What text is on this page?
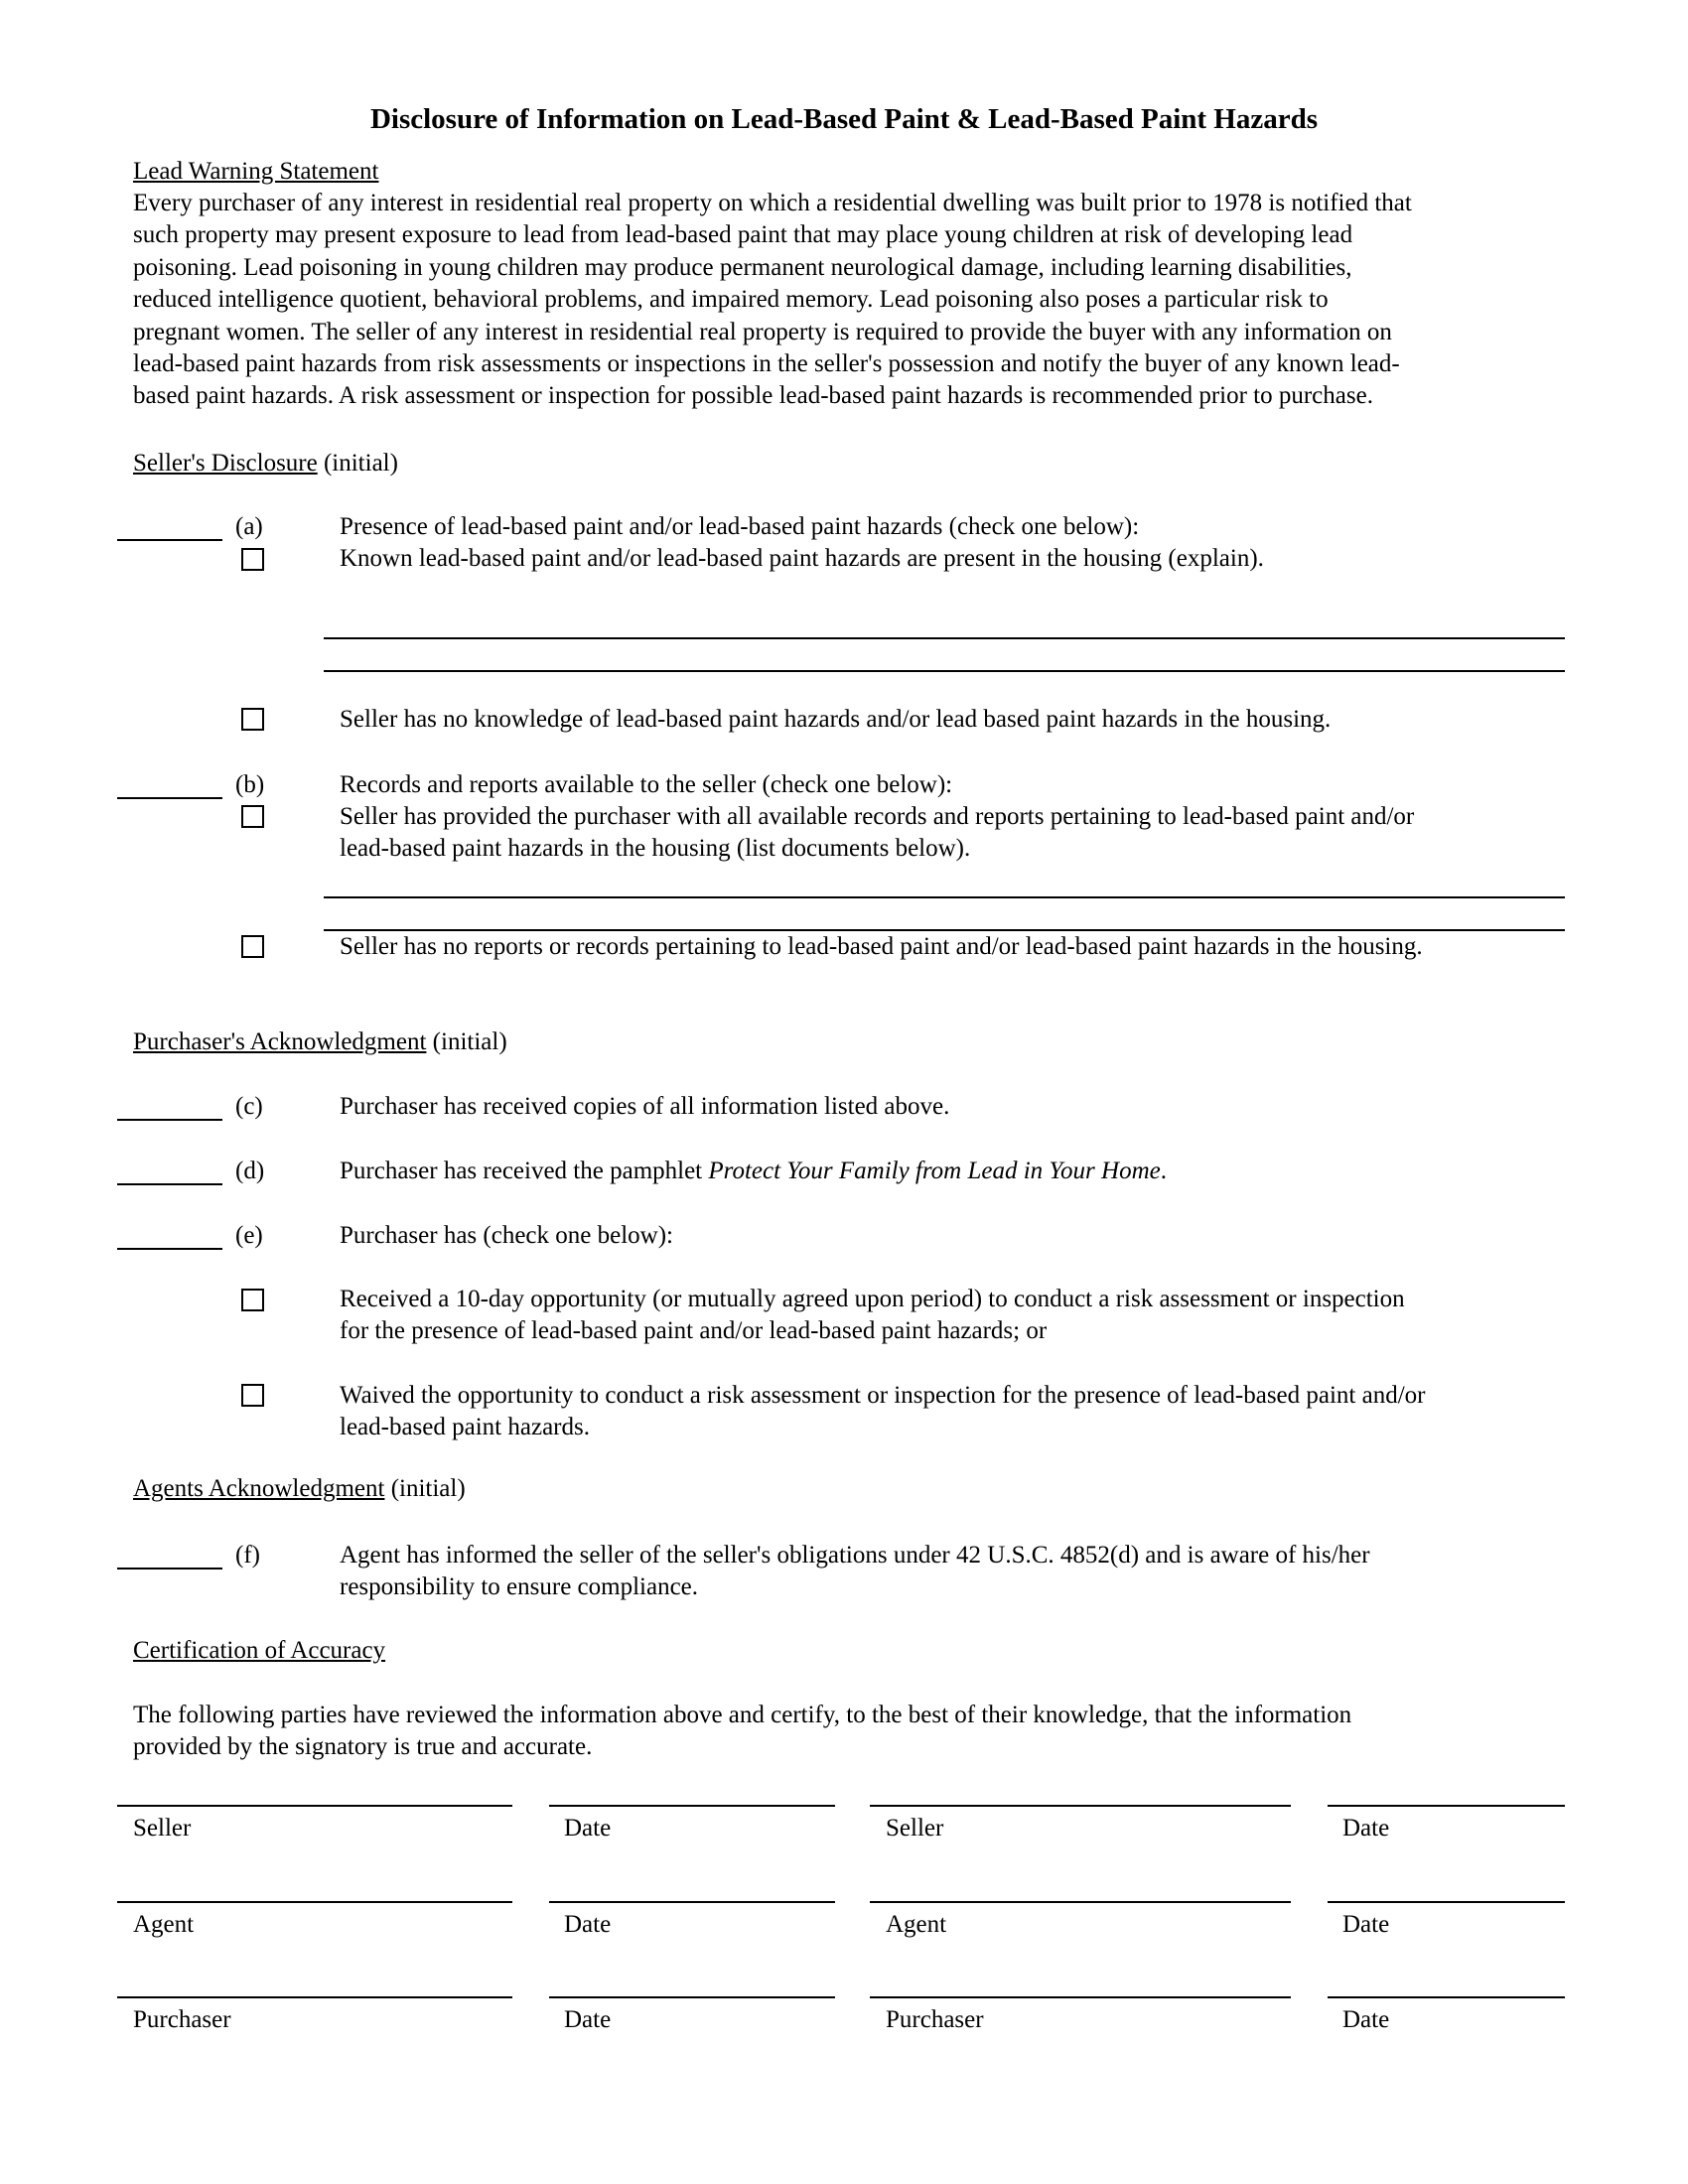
Disclosure of Information on Lead-Based Paint & Lead-Based Paint Hazards
Lead Warning Statement
Every purchaser of any interest in residential real property on which a residential dwelling was built prior to 1978 is notified that
such property may present exposure to lead from lead-based paint that may place young children at risk of developing lead
poisoning. Lead poisoning in young children may produce permanent neurological damage, including learning disabilities,
reduced intelligence quotient, behavioral problems, and impaired memory. Lead poisoning also poses a particular risk to
pregnant women. The seller of any interest in residential real property is required to provide the buyer with any information on
lead-based paint hazards from risk assessments or inspections in the seller's possession and notify the buyer of any known lead-
based paint hazards. A risk assessment or inspection for possible lead-based paint hazards is recommended prior to purchase.
Seller's Disclosure (initial)
(a)	Presence of lead-based paint and/or lead-based paint hazards (check one below):
Known lead-based paint and/or lead-based paint hazards are present in the housing (explain).
Seller has no knowledge of lead-based paint hazards and/or lead based paint hazards in the housing.
(b)	Records and reports available to the seller (check one below):
Seller has provided the purchaser with all available records and reports pertaining to lead-based paint and/or
lead-based paint hazards in the housing (list documents below).
Seller has no reports or records pertaining to lead-based paint and/or lead-based paint hazards in the housing.
Purchaser's Acknowledgment (initial)
(c)	Purchaser has received copies of all information listed above.
(d)	Purchaser has received the pamphlet Protect Your Family from Lead in Your Home.
(e)	Purchaser has (check one below):
Received a 10-day opportunity (or mutually agreed upon period) to conduct a risk assessment or inspection
for the presence of lead-based paint and/or lead-based paint hazards; or
Waived the opportunity to conduct a risk assessment or inspection for the presence of lead-based paint and/or
lead-based paint hazards.
Agents Acknowledgment (initial)
(f)	Agent has informed the seller of the seller's obligations under 42 U.S.C. 4852(d) and is aware of his/her
responsibility to ensure compliance.
Certification of Accuracy
The following parties have reviewed the information above and certify, to the best of their knowledge, that the information
provided by the signatory is true and accurate.
Seller	Date	Seller	Date
Agent	Date	Agent	Date
Purchaser	Date	Purchaser	Date
